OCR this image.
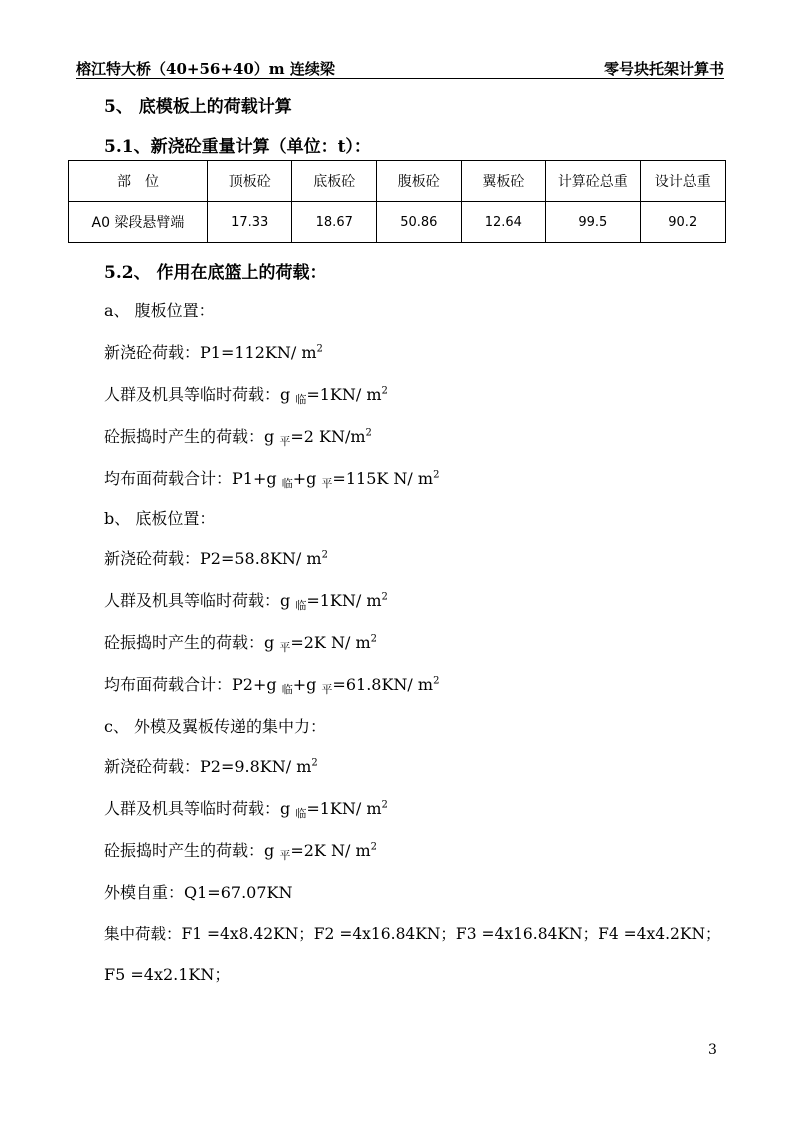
榕江特大桥（40+56+40）m 连续梁	零号块托架计算书
5、 底模板上的荷载计算
5.1、新浇砼重量计算（单位：t）：
部　位	顶板砼	底板砼	腹板砼	翼板砼	计算砼总重	设计总重
A0 梁段悬臂端	17.33	18.67	50.86	12.64	99.5	90.2
5.2、 作用在底篮上的荷载：
a、 腹板位置：
新浇砼荷载：P1=112KN/ $m^2$
人群及机具等临时荷载：g 临=1KN/ $m^2$
砼振捣时产生的荷载：g 平=2 $KN/m^2$
均布面荷载合计：P1+g 临+g 平=115K N/ $m^2$
b、 底板位置：
新浇砼荷载：P2=58.8KN/ $m^2$
人群及机具等临时荷载：g 临=1KN/ $m^2$
砼振捣时产生的荷载：g 平=2K N/ $m^2$
均布面荷载合计：P2+g 临+g 平=61.8KN/ $m^2$
c、 外模及翼板传递的集中力：
新浇砼荷载：P2=9.8KN/ $m^2$
人群及机具等临时荷载：g 临=1KN/ $m^2$
砼振捣时产生的荷载：g 平=2K N/ $m^2$
外模自重：Q1=67.07KN
集中荷载：F1 =4x8.42KN；F2 =4x16.84KN；F3 =4x16.84KN；F4 =4x4.2KN；
F5 =4x2.1KN；
3
